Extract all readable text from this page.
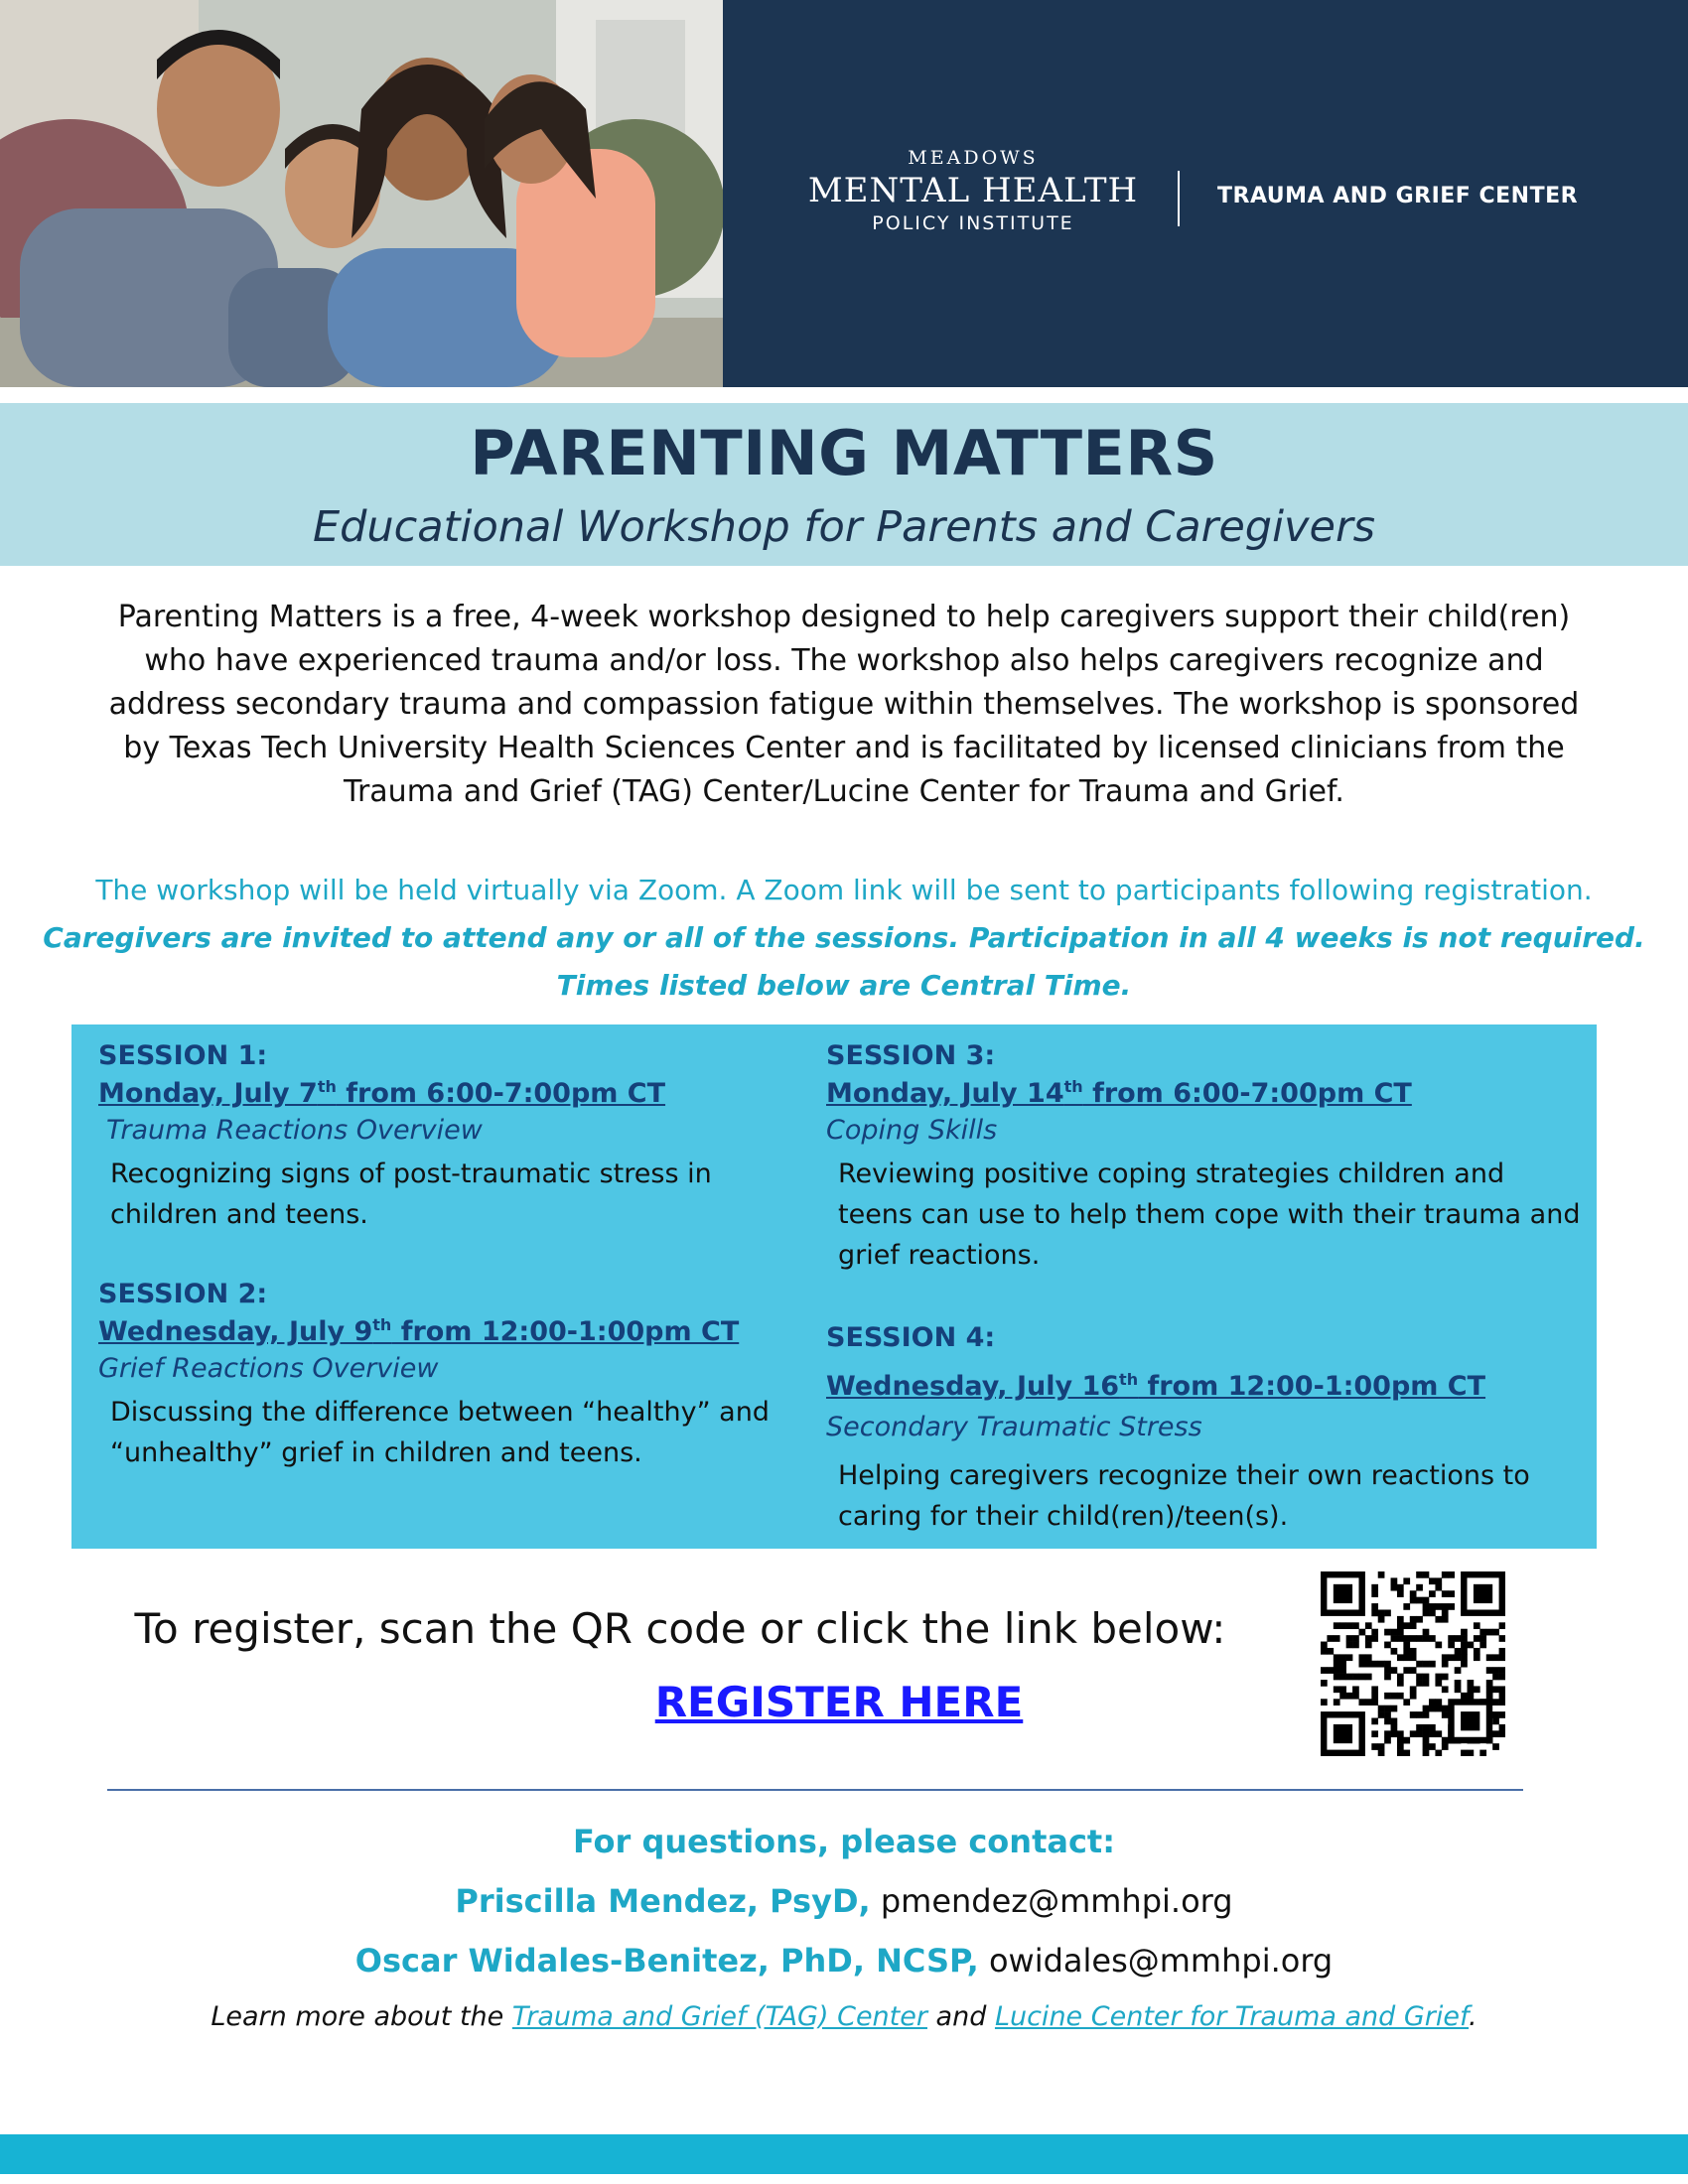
MEADOWS
MENTAL HEALTH
POLICY INSTITUTE
TRAUMA AND GRIEF CENTER
PARENTING MATTERS
Educational Workshop for Parents and Caregivers
Parenting Matters is a free, 4-week workshop designed to help caregivers support their child(ren) who have experienced trauma and/or loss. The workshop also helps caregivers recognize and address secondary trauma and compassion fatigue within themselves. The workshop is sponsored by Texas Tech University Health Sciences Center and is facilitated by licensed clinicians from the Trauma and Grief (TAG) Center/Lucine Center for Trauma and Grief.
The workshop will be held virtually via Zoom. A Zoom link will be sent to participants following registration.
Caregivers are invited to attend any or all of the sessions. Participation in all 4 weeks is not required.
Times listed below are Central Time.
SESSION 1:
Monday, July 7th from 6:00-7:00pm CT
Trauma Reactions Overview
Recognizing signs of post-traumatic stress in children and teens.
SESSION 2:
Wednesday, July 9th from 12:00-1:00pm CT
Grief Reactions Overview
Discussing the difference between “healthy” and “unhealthy” grief in children and teens.
SESSION 3:
Monday, July 14th from 6:00-7:00pm CT
Coping Skills
Reviewing positive coping strategies children and teens can use to help them cope with their trauma and grief reactions.
SESSION 4:
Wednesday, July 16th from 12:00-1:00pm CT Secondary Traumatic Stress
Helping caregivers recognize their own reactions to caring for their child(ren)/teen(s).
To register, scan the QR code or click the link below:
REGISTER HERE
For questions, please contact:
Priscilla Mendez, PsyD, pmendez@mmhpi.org
Oscar Widales-Benitez, PhD, NCSP, owidales@mmhpi.org
Learn more about the Trauma and Grief (TAG) Center and Lucine Center for Trauma and Grief.
